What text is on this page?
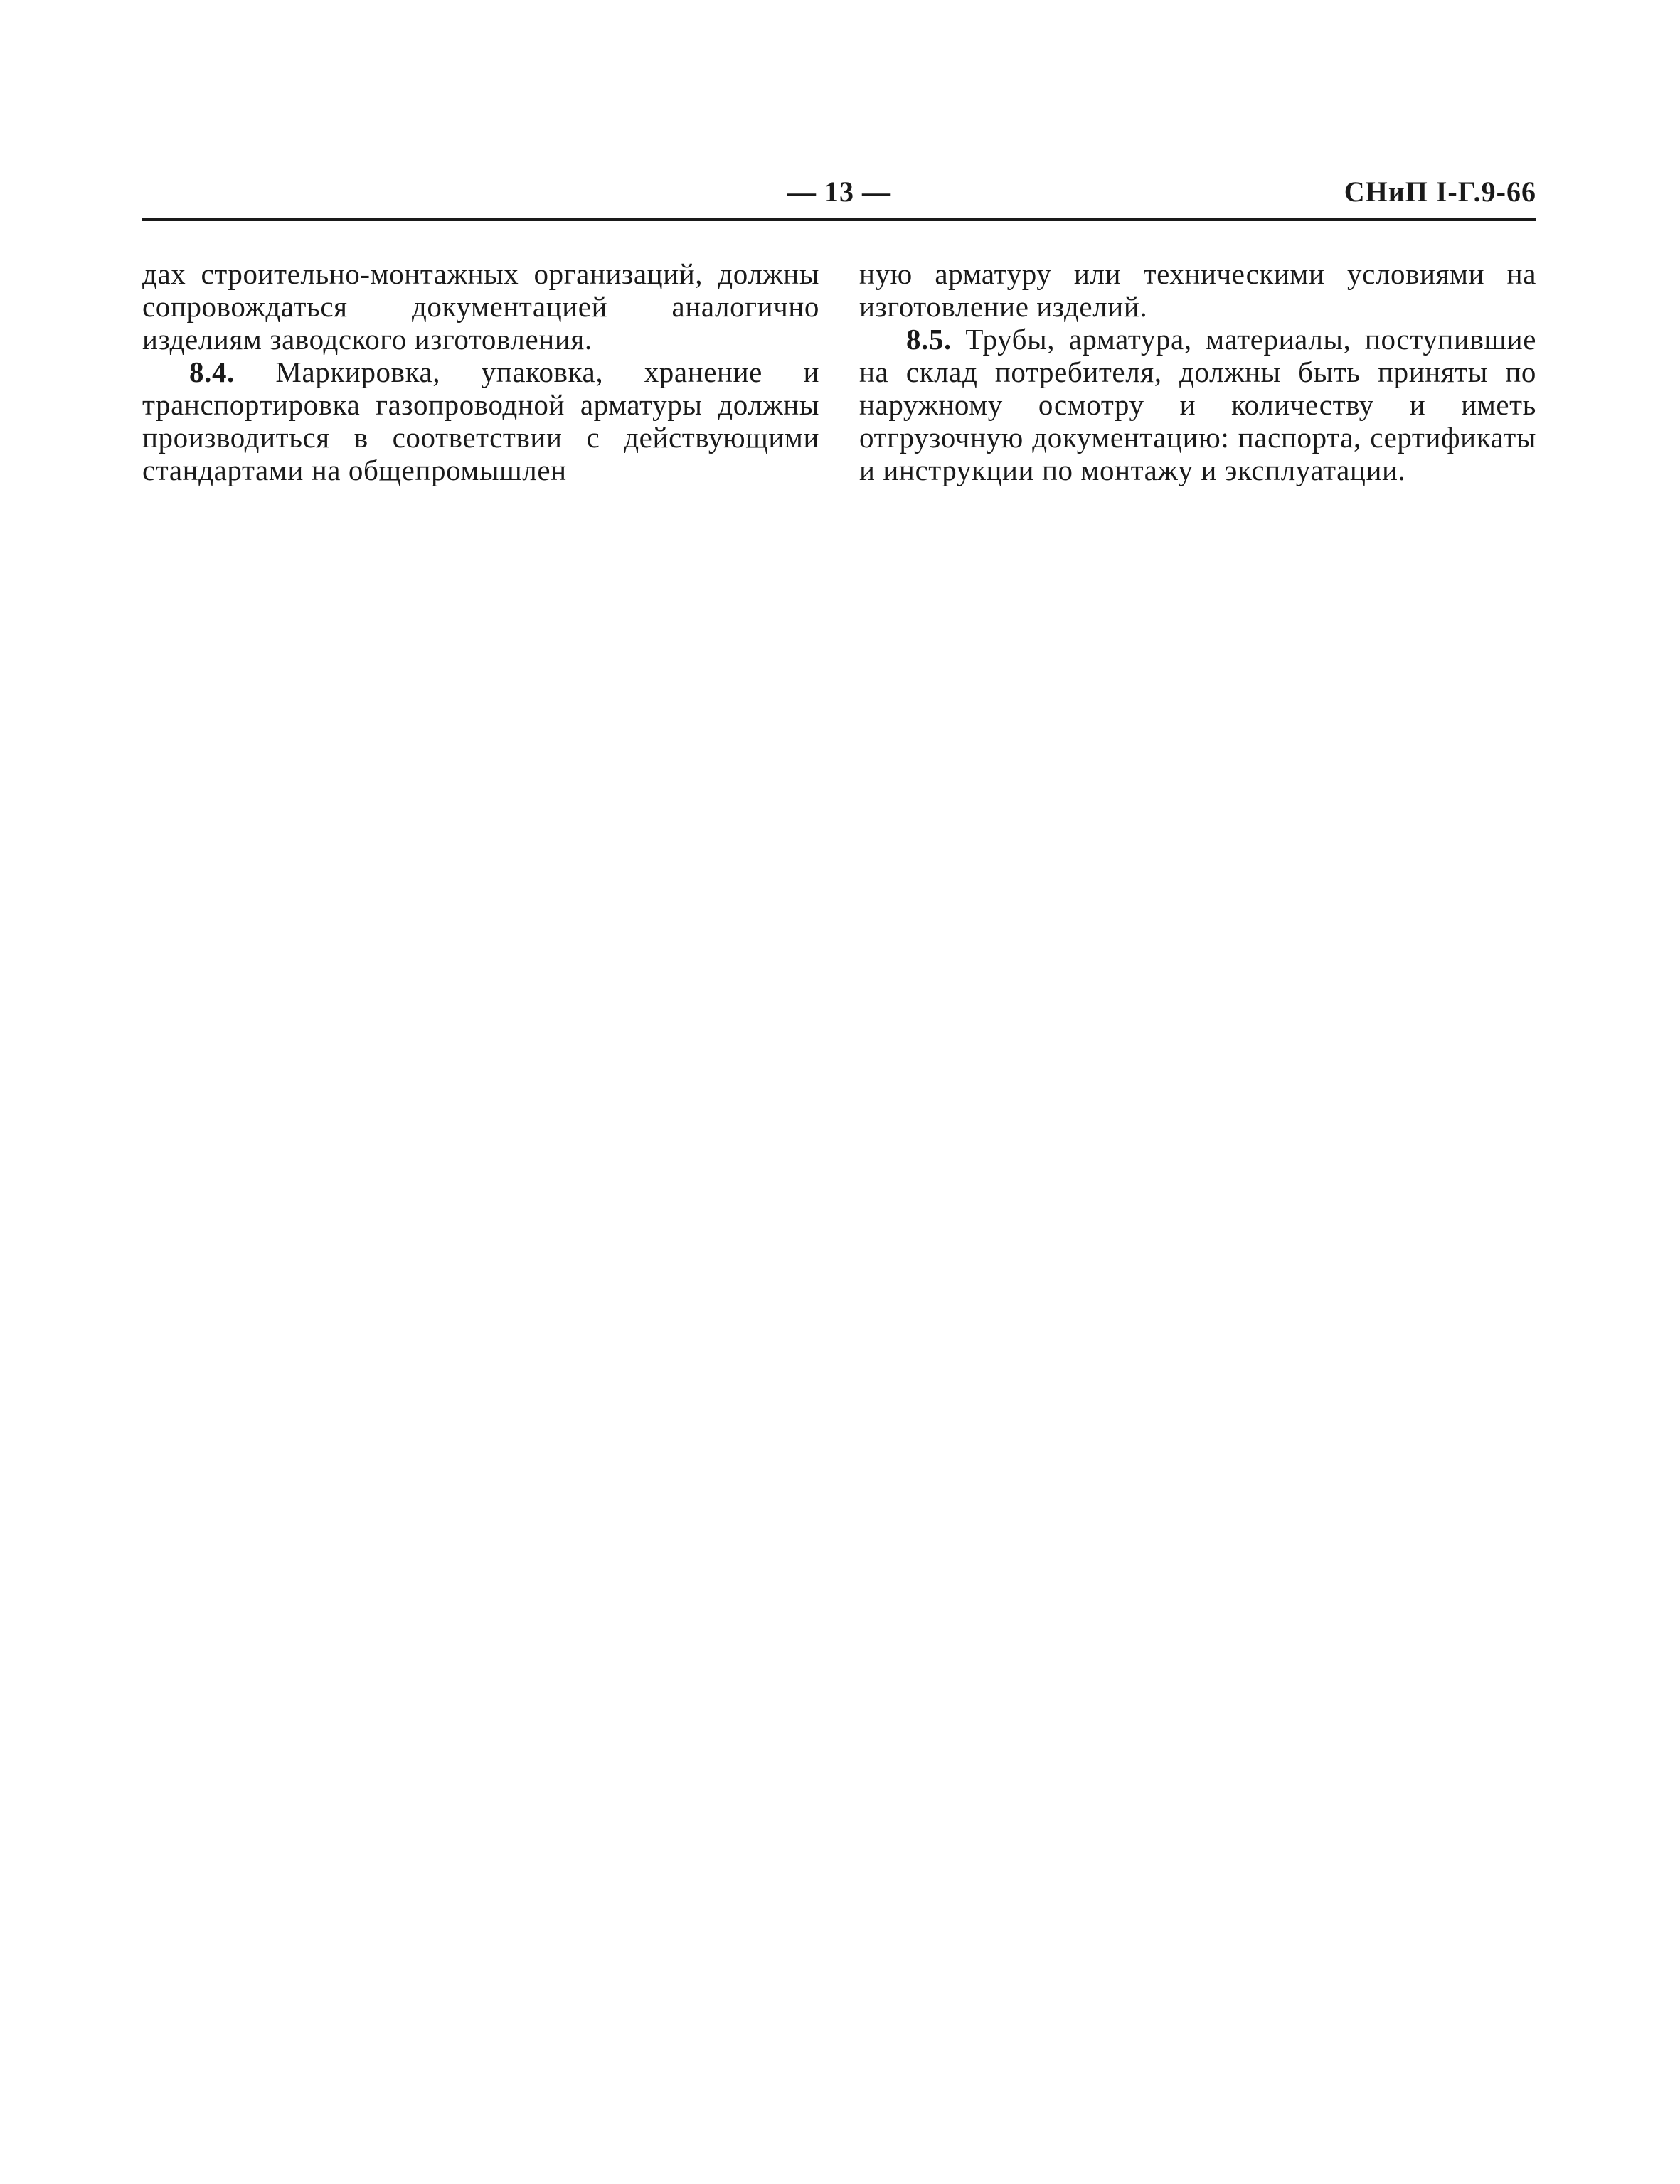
— 13 —	СНиП I-Г.9-66

дах строительно-монтажных организаций, должны сопровождаться документацией аналогично изделиям заводского изготовления.

8.4. Маркировка, упаковка, хранение и транспортировка газопроводной арматуры должны производиться в соответствии с действующими стандартами на общепромышлен

ную арматуру или техническими условиями на изготовление изделий.

8.5. Трубы, арматура, материалы, поступившие на склад потребителя, должны быть приняты по наружному осмотру и количеству и иметь отгрузочную документацию: паспорта, сертификаты и инструкции по монтажу и эксплуатации.
